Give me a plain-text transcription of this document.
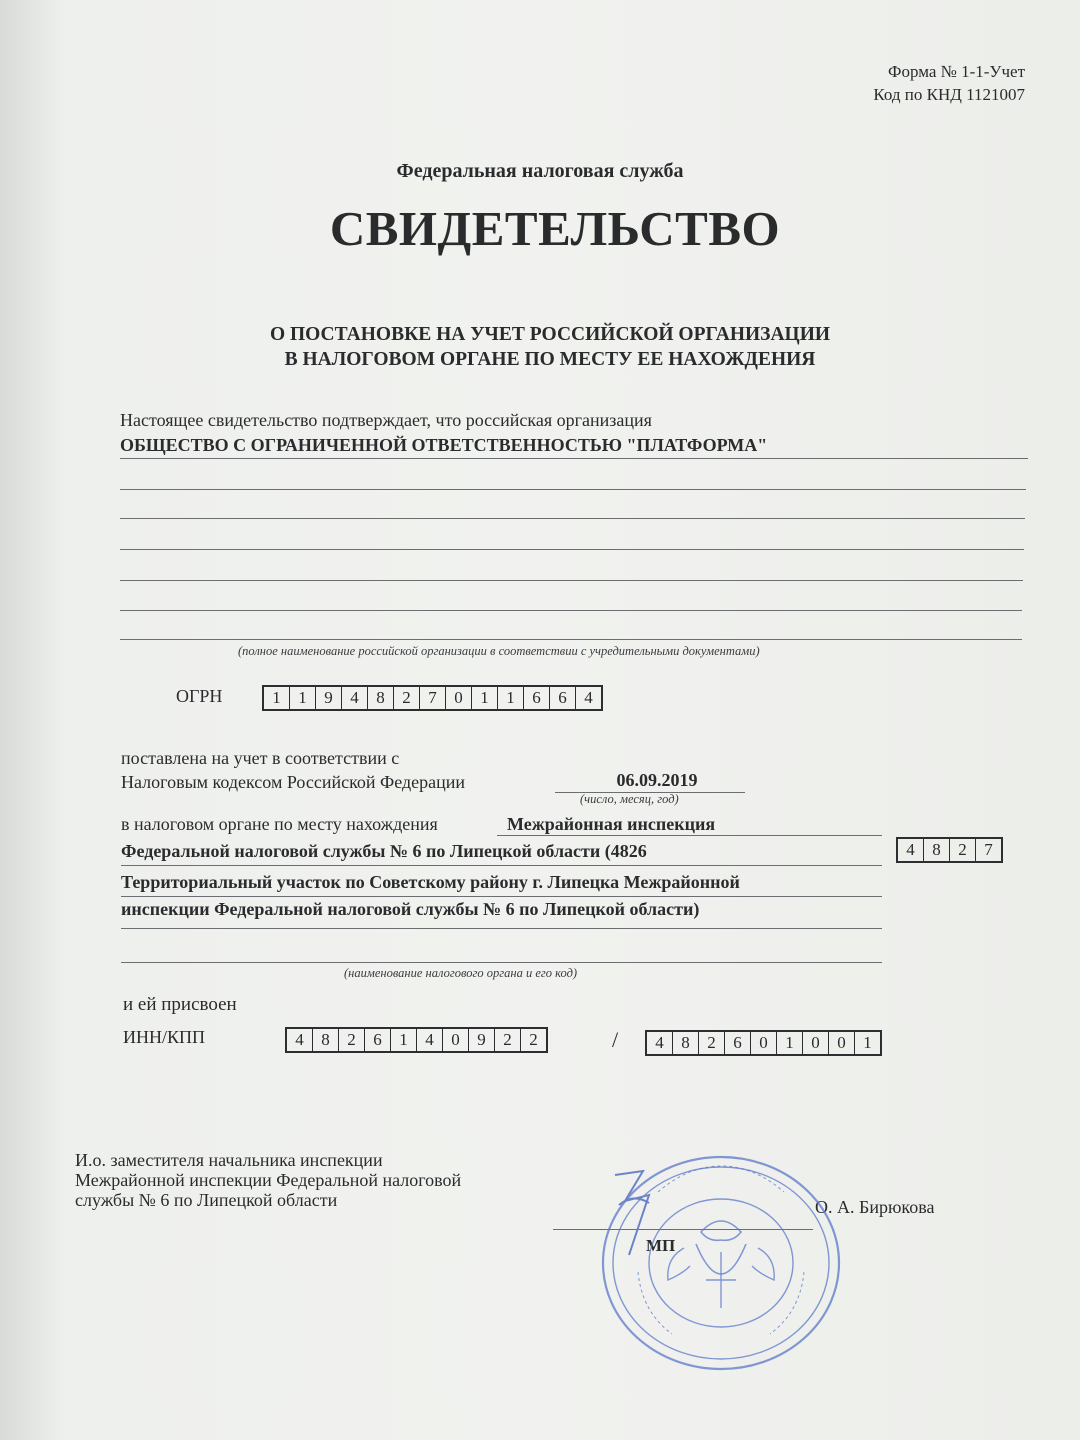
Форма № 1-1-Учет
Код по КНД 1121007
Федеральная налоговая служба
СВИДЕТЕЛЬСТВО
О ПОСТАНОВКЕ НА УЧЕТ РОССИЙСКОЙ ОРГАНИЗАЦИИ
В НАЛОГОВОМ ОРГАНЕ ПО МЕСТУ ЕЕ НАХОЖДЕНИЯ
Настоящее свидетельство подтверждает, что российская организация
ОБЩЕСТВО С ОГРАНИЧЕННОЙ ОТВЕТСТВЕННОСТЬЮ "ПЛАТФОРМА"
(полное наименование российской организации в соответствии с учредительными документами)
ОГРН	1	1	9	4	8	2	7	0	1	1	6	6	4
поставлена на учет в соответствии с
Налоговым кодексом Российской Федерации	06.09.2019
(число, месяц, год)
в налоговом органе по месту нахождения	Межрайонная инспекция
Федеральной налоговой службы № 6 по Липецкой области (4826
Территориальный участок по Советскому району г. Липецка Межрайонной
инспекции Федеральной налоговой службы № 6 по Липецкой области)
(наименование налогового органа и его код)
4	8	2	7
и ей присвоен
ИНН/КПП	4	8	2	6	1	4	0	9	2	2	/	4	8	2	6	0	1	0	0	1
И.о. заместителя начальника инспекции
Межрайонной инспекции Федеральной налоговой
службы № 6 по Липецкой области	О. А. Бирюкова
МП
